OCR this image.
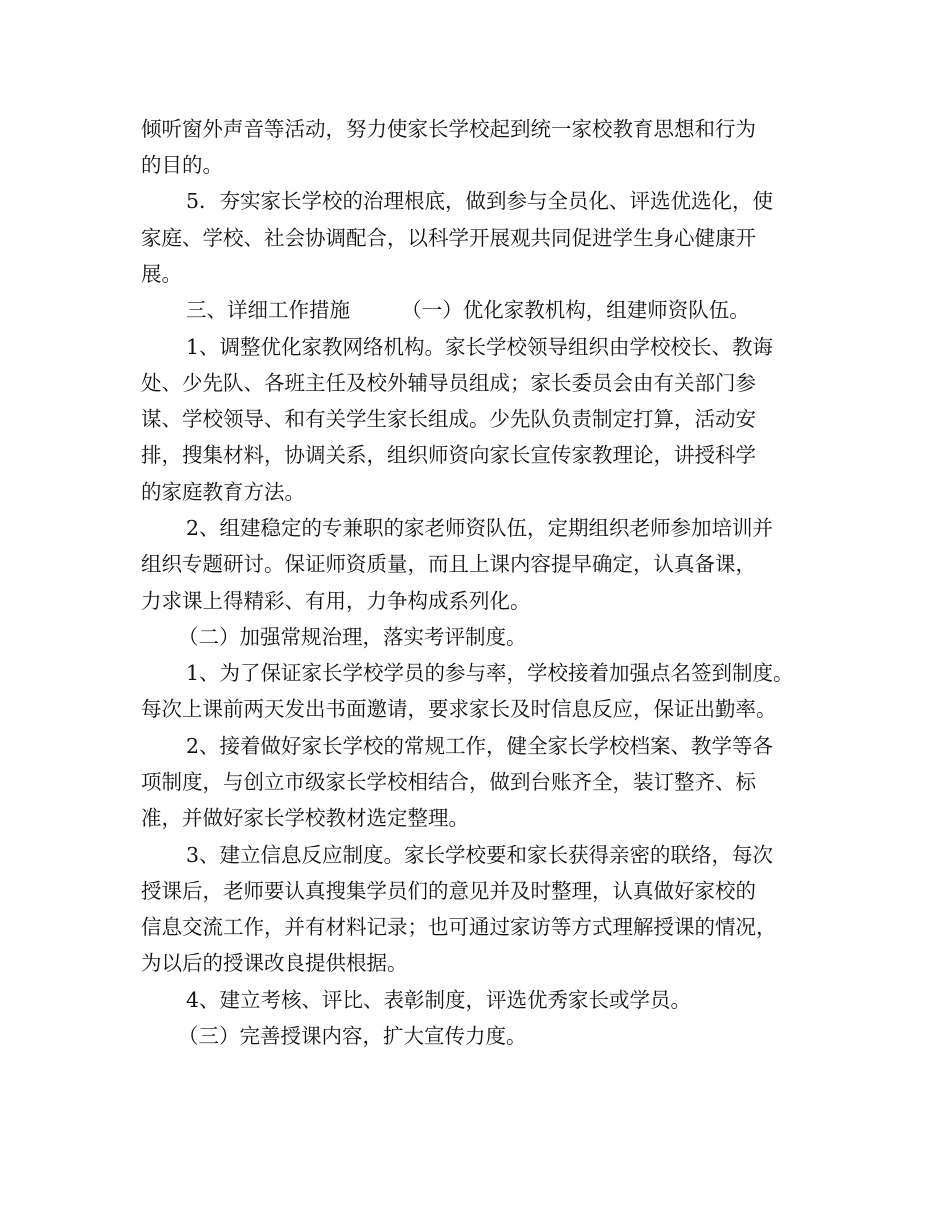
倾听窗外声音等活动，努力使家长学校起到统一家校教育思想和行为

的目的。

5．夯实家长学校的治理根底，做到参与全员化、评选优选化，使

家庭、学校、社会协调配合，以科学开展观共同促进学生身心健康开

展。

三、详细工作措施　　　（一）优化家教机构，组建师资队伍。

1、调整优化家教网络机构。家长学校领导组织由学校校长、教诲

处、少先队、各班主任及校外辅导员组成；家长委员会由有关部门参

谋、学校领导、和有关学生家长组成。少先队负责制定打算，活动安

排，搜集材料，协调关系，组织师资向家长宣传家教理论，讲授科学

的家庭教育方法。

2、组建稳定的专兼职的家老师资队伍，定期组织老师参加培训并

组织专题研讨。保证师资质量，而且上课内容提早确定，认真备课，

力求课上得精彩、有用，力争构成系列化。

（二）加强常规治理，落实考评制度。

1、为了保证家长学校学员的参与率，学校接着加强点名签到制度。

每次上课前两天发出书面邀请，要求家长及时信息反应，保证出勤率。

2、接着做好家长学校的常规工作，健全家长学校档案、教学等各

项制度，与创立市级家长学校相结合，做到台账齐全，装订整齐、标

准，并做好家长学校教材选定整理。

3、建立信息反应制度。家长学校要和家长获得亲密的联络，每次

授课后，老师要认真搜集学员们的意见并及时整理，认真做好家校的

信息交流工作，并有材料记录；也可通过家访等方式理解授课的情况，

为以后的授课改良提供根据。

4、建立考核、评比、表彰制度，评选优秀家长或学员。

（三）完善授课内容，扩大宣传力度。
